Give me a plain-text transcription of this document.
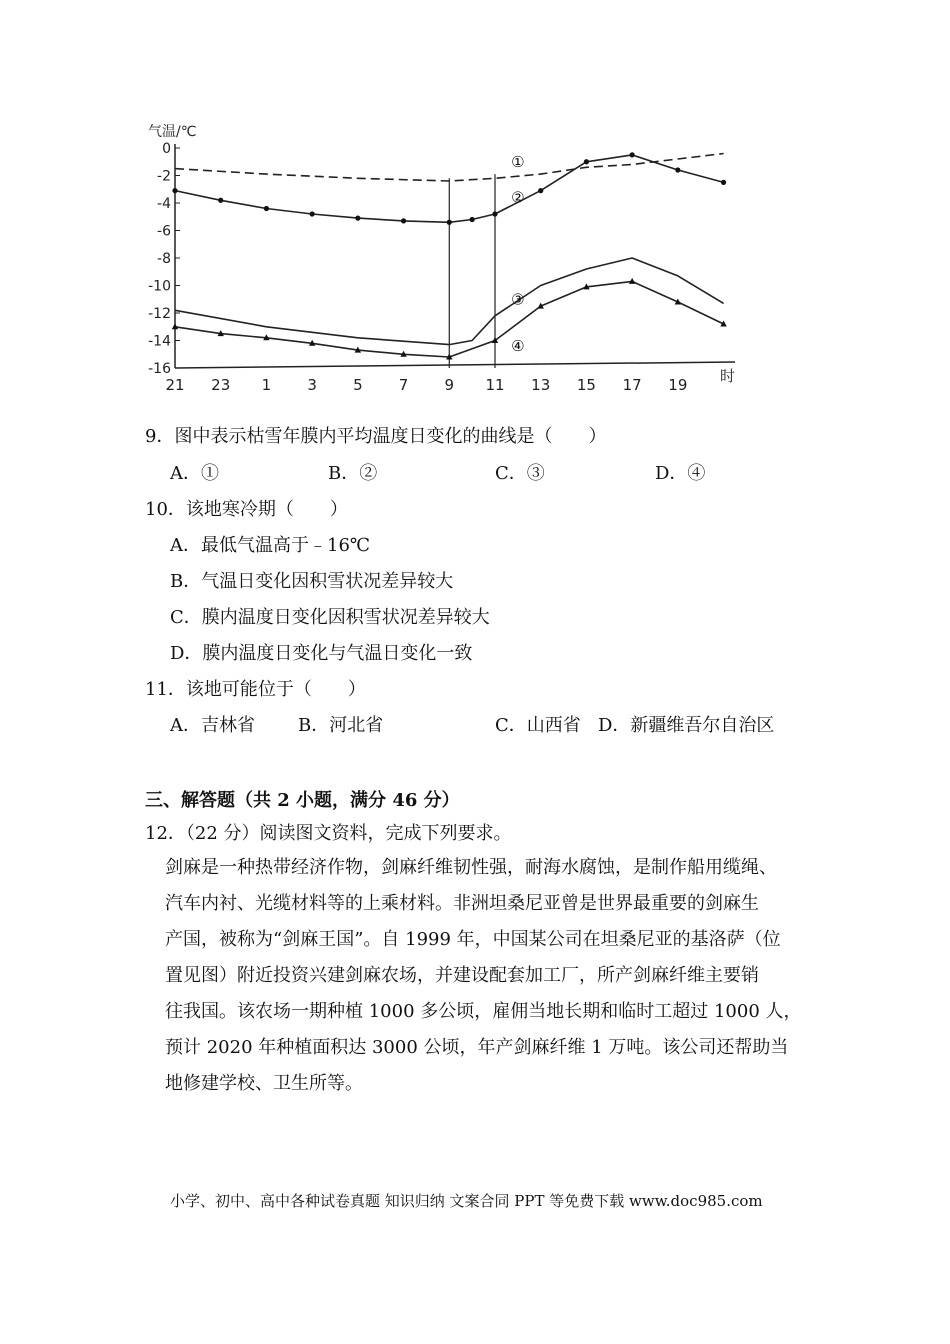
0
-2
-4
-6
-8
-10
-12
-14
-16
21 23 1 3 5 7 9 11 13 15 17 19
①
②
③
④
气温/℃
时
9．图中表示枯雪年膜内平均温度日变化的曲线是（　　）
A．①	B．②	C．③	D．④
10．该地寒冷期（　　）
A．最低气温高于﹣16℃
B．气温日变化因积雪状况差异较大
C．膜内温度日变化因积雪状况差异较大
D．膜内温度日变化与气温日变化一致
11．该地可能位于（　　）
A．吉林省 B．河北省	C．山西省 D．新疆维吾尔自治区
三、解答题（共 2 小题，满分 46 分）
12．（22 分）阅读图文资料，完成下列要求。

剑麻是一种热带经济作物，剑麻纤维韧性强，耐海水腐蚀，是制作船用缆绳、

汽车内衬、光缆材料等的上乘材料。非洲坦桑尼亚曾是世界最重要的剑麻生

产国，被称为“剑麻王国”。自 1999 年，中国某公司在坦桑尼亚的基洛萨（位

置见图）附近投资兴建剑麻农场，并建设配套加工厂，所产剑麻纤维主要销

往我国。该农场一期种植 1000 多公顷，雇佣当地长期和临时工超过 1000 人，

预计 2020 年种植面积达 3000 公顷，年产剑麻纤维 1 万吨。该公司还帮助当

地修建学校、卫生所等。

小学、初中、高中各种试卷真题 知识归纳 文案合同 PPT 等免费下载 www.doc985.com
